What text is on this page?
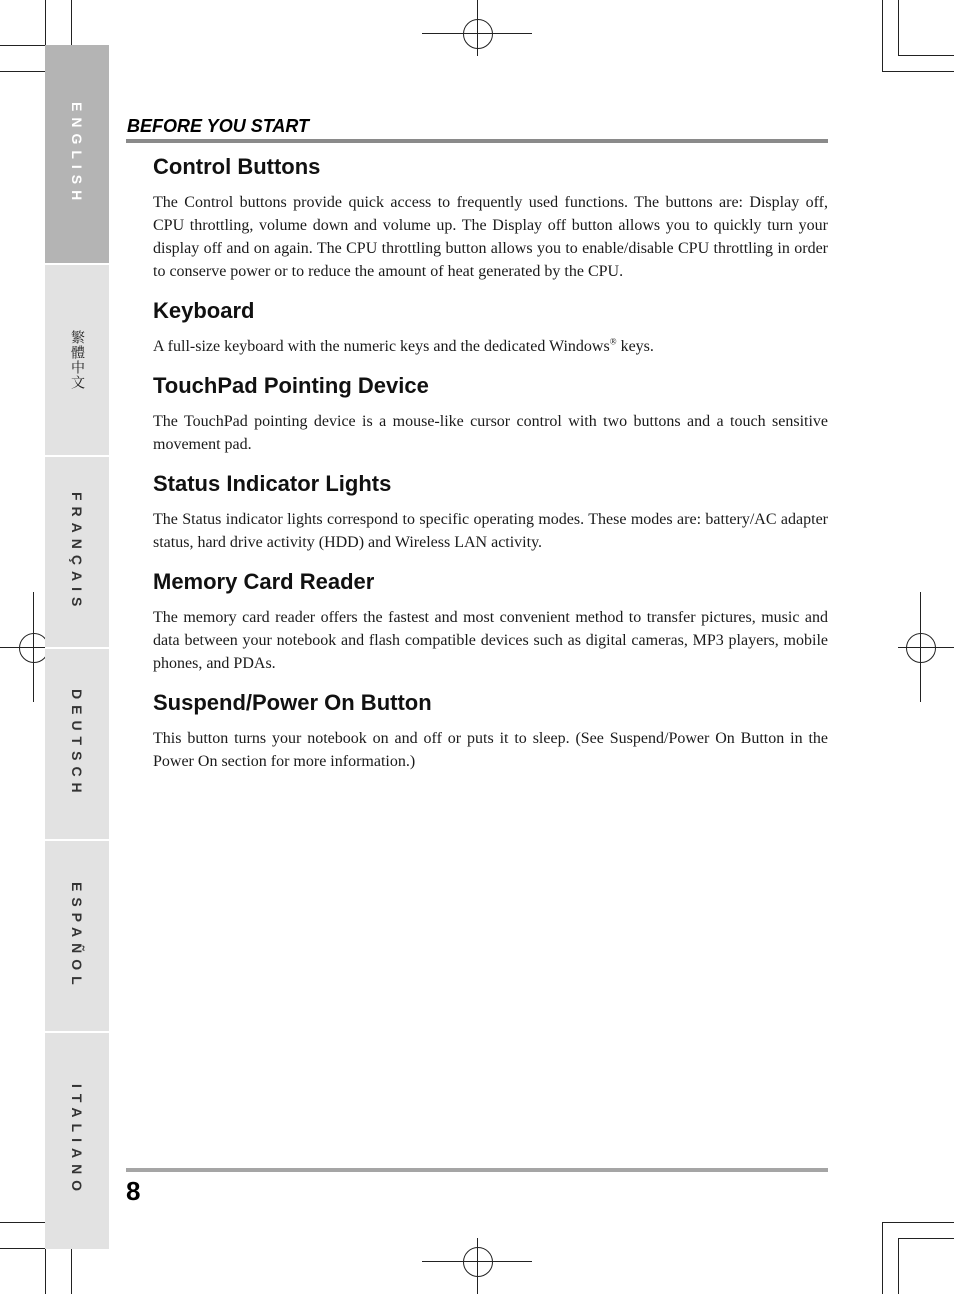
ENGLISH
繁體中文
FRANÇAIS
DEUTSCH
ESPAÑOL
ITALIANO
BEFORE YOU START
Control Buttons

The Control buttons provide quick access to frequently used functions. The buttons are: Display off, CPU throttling, volume down and volume up. The Display off button allows you to quickly turn your display off and on again. The CPU throttling button allows you to enable/disable CPU throttling in order to conserve power or to reduce the amount of heat generated by the CPU.

Keyboard

A full-size keyboard with the numeric keys and the dedicated Windows® keys.

TouchPad Pointing Device

The TouchPad pointing device is a mouse-like cursor control with two buttons and a touch sensitive movement pad.

Status Indicator Lights

The Status indicator lights correspond to specific operating modes. These modes are: battery/AC adapter status, hard drive activity (HDD) and Wireless LAN activity.

Memory Card Reader

The memory card reader offers the fastest and most convenient method to transfer pictures, music and data between your notebook and flash compatible devices such as digital cameras, MP3 players, mobile phones, and PDAs.

Suspend/Power On Button

This button turns your notebook on and off or puts it to sleep. (See Suspend/Power On Button in the Power On section for more information.)

8
